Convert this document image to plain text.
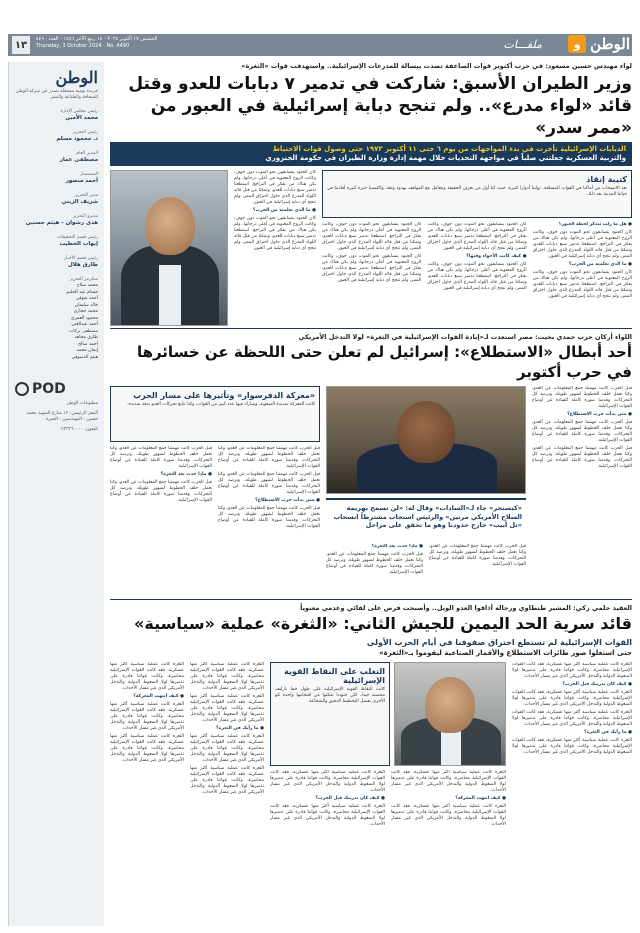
الوطن
و
ملفـــات
١٣
الخميس ١٧ أكتوبر ٢٠٢٤ - ١٤ ربيع الآخر ١٤٤٦ - العدد ٤٤٩٠
Thursday, 3 October 2024 - No. 4490
الوطن
جريدة يومية مستقلة تصدر عن شركة الوطن للصحافة والطباعة والنشر
رئيس مجلس الإدارة
محمد الأمين
رئيس التحرير
د. محمود مسلم
المدير العام
مصطفى عمار
المستشار
أحمد منصور
مدير التحرير
شريف الزيني
مديرو التحرير
هدى رشوان - هيثم حسنين
رئيس قسم التحقيقات
إيهاب الخطيب
رئيس قسم الأخبار
طارق هلال
سكرتير التحرير
محمد صلاح
حسام عبد الحليم
أحمد شوقي
خالد سليمان
محمد حجازي
محمود العمري
أحمد عبدالغني
مصطفى بركات
طارق مجاهد
أحمد صالح
إيمان محمد
هيثم الدسوقي
POD
مطبوعات الوطن
المقر الرئيسي: ١٢ شارع الشهيد محمد حسين - المهندسين - الجيزة
تليفون: ٠٢٣٣٣٦٠٠٠٠
لواء مهندس حسين مسعود: في حرب أكتوبر قوات الصاعقة تصدت ببسالة للمدرعات الإسرائيلية.. واستهدفت قوات «الثغرة»
وزير الطيران الأسبق: شاركت في تدمير ٧ دبابات للعدو وقتل قائد «لواء مدرع».. ولم تنجح دبابة إسرائيلية في العبور من «ممر سدر»
الدبابات الإسرائيلية تأخرت في بدء المواجهات من يوم ٦ حتى ١١ أكتوبر ١٩٧٣ حتى وصول قوات الاحتياط
والتربية العسكرية جعلتني صلباً في مواجهة التحديات خلال مهمة إدارة وزارة الطيران في حكومة الجنزوري
كتيبة إنقاذ
بعد الانسحاب من أماكنا في القوات المسلحة، تولينا أدوارا كثيرة، حيث كنا أول من يعرف الحقيقة ونتعامل مع المواقف بهدوء وثقة، واكتسبنا خبرة كبيرة أفادتنا في حياتنا المدنية بعد ذلك.

● هل ما زلت تتذكر لحظة العبور؟

كان الجنود يتسابقون نحو الموت دون خوف، وكانت الروح المعنوية في أعلى درجاتها، ولم يكن هناك من يفكر في التراجع. استطعنا تدمير سبع دبابات للعدو، وتمكنا من قتل قائد اللواء المدرع الذي حاول اختراق الممر، ولم تنجح أي دبابة إسرائيلية في العبور.

● ما الذي تعلمته من الحرب؟

كان الجنود يتسابقون نحو الموت دون خوف، وكانت الروح المعنوية في أعلى درجاتها، ولم يكن هناك من يفكر في التراجع. استطعنا تدمير سبع دبابات للعدو، وتمكنا من قتل قائد اللواء المدرع الذي حاول اختراق الممر، ولم تنجح أي دبابة إسرائيلية في العبور.

كان الجنود يتسابقون نحو الموت دون خوف، وكانت الروح المعنوية في أعلى درجاتها، ولم يكن هناك من يفكر في التراجع. استطعنا تدمير سبع دبابات للعدو، وتمكنا من قتل قائد اللواء المدرع الذي حاول اختراق الممر، ولم تنجح أي دبابة إسرائيلية في العبور.

● كيف كانت الأجواء وقتها؟

كان الجنود يتسابقون نحو الموت دون خوف، وكانت الروح المعنوية في أعلى درجاتها، ولم يكن هناك من يفكر في التراجع. استطعنا تدمير سبع دبابات للعدو، وتمكنا من قتل قائد اللواء المدرع الذي حاول اختراق الممر، ولم تنجح أي دبابة إسرائيلية في العبور.

كان الجنود يتسابقون نحو الموت دون خوف، وكانت الروح المعنوية في أعلى درجاتها، ولم يكن هناك من يفكر في التراجع. استطعنا تدمير سبع دبابات للعدو، وتمكنا من قتل قائد اللواء المدرع الذي حاول اختراق الممر، ولم تنجح أي دبابة إسرائيلية في العبور.

كان الجنود يتسابقون نحو الموت دون خوف، وكانت الروح المعنوية في أعلى درجاتها، ولم يكن هناك من يفكر في التراجع. استطعنا تدمير سبع دبابات للعدو، وتمكنا من قتل قائد اللواء المدرع الذي حاول اختراق الممر، ولم تنجح أي دبابة إسرائيلية في العبور.

كان الجنود يتسابقون نحو الموت دون خوف، وكانت الروح المعنوية في أعلى درجاتها، ولم يكن هناك من يفكر في التراجع. استطعنا تدمير سبع دبابات للعدو، وتمكنا من قتل قائد اللواء المدرع الذي حاول اختراق الممر، ولم تنجح أي دبابة إسرائيلية في العبور.

● ما الذي تعلمته من الحرب؟

كان الجنود يتسابقون نحو الموت دون خوف، وكانت الروح المعنوية في أعلى درجاتها، ولم يكن هناك من يفكر في التراجع. استطعنا تدمير سبع دبابات للعدو، وتمكنا من قتل قائد اللواء المدرع الذي حاول اختراق الممر، ولم تنجح أي دبابة إسرائيلية في العبور.

اللواء أركان حرب حمدي بخيت: مصر استعدت لـ«إبادة القوات الإسرائيلية في الثغرة» لولا التدخل الأمريكي
أحد أبطال «الاستطلاع»: إسرائيل لم تعلن حتى اللحظة عن خسائرها في حرب أكتوبر

قبل الحرب كانت مهمتنا جمع المعلومات عن العدو، وكنا نعمل خلف الخطوط لشهور طويلة، ونرصد كل التحركات، وقدمنا صورة كاملة للقيادة عن أوضاع القوات الإسرائيلية.

● متى بدأت حرب الاستطلاع؟

قبل الحرب كانت مهمتنا جمع المعلومات عن العدو، وكنا نعمل خلف الخطوط لشهور طويلة، ونرصد كل التحركات، وقدمنا صورة كاملة للقيادة عن أوضاع القوات الإسرائيلية.

قبل الحرب كانت مهمتنا جمع المعلومات عن العدو، وكنا نعمل خلف الخطوط لشهور طويلة، ونرصد كل التحركات، وقدمنا صورة كاملة للقيادة عن أوضاع القوات الإسرائيلية.

«كيسنجر» جاء لـ«السادات» وقال له: «لن نسمح بهزيمة السلاح الأمريكي مرتين» والرئيس استجاب مشترطاً انسحاب «تل أبيب» خارج حدودنا وهو ما تحقق على مراحل

قبل الحرب كانت مهمتنا جمع المعلومات عن العدو، وكنا نعمل خلف الخطوط لشهور طويلة، ونرصد كل التحركات، وقدمنا صورة كاملة للقيادة عن أوضاع القوات الإسرائيلية.

● ماذا حدث بعد الثغرة؟

قبل الحرب كانت مهمتنا جمع المعلومات عن العدو، وكنا نعمل خلف الخطوط لشهور طويلة، ونرصد كل التحركات، وقدمنا صورة كاملة للقيادة عن أوضاع القوات الإسرائيلية.

«معركة الدفرسوار» وتأثيرها على مسار الحرب
كانت المعركة شديدة الصعوبة، وشارك فيها عدد كبير من القوات، وكنا نتابع تحركات العدو بدقة شديدة.

قبل الحرب كانت مهمتنا جمع المعلومات عن العدو، وكنا نعمل خلف الخطوط لشهور طويلة، ونرصد كل التحركات، وقدمنا صورة كاملة للقيادة عن أوضاع القوات الإسرائيلية.

قبل الحرب كانت مهمتنا جمع المعلومات عن العدو، وكنا نعمل خلف الخطوط لشهور طويلة، ونرصد كل التحركات، وقدمنا صورة كاملة للقيادة عن أوضاع القوات الإسرائيلية.

● متى بدأت حرب الاستطلاع؟

قبل الحرب كانت مهمتنا جمع المعلومات عن العدو، وكنا نعمل خلف الخطوط لشهور طويلة، ونرصد كل التحركات، وقدمنا صورة كاملة للقيادة عن أوضاع القوات الإسرائيلية.

قبل الحرب كانت مهمتنا جمع المعلومات عن العدو، وكنا نعمل خلف الخطوط لشهور طويلة، ونرصد كل التحركات، وقدمنا صورة كاملة للقيادة عن أوضاع القوات الإسرائيلية.

● ماذا حدث بعد الثغرة؟

قبل الحرب كانت مهمتنا جمع المعلومات عن العدو، وكنا نعمل خلف الخطوط لشهور طويلة، ونرصد كل التحركات، وقدمنا صورة كاملة للقيادة عن أوضاع القوات الإسرائيلية.

العقيد حلمي زكي: المشير طنطاوي ورجاله أذاقوا العدو الويل.. وأصبحت فرص على لقائي وعدمي معنوياً
قائد سرية الحد اليمين للجيش الثاني: «الثغرة» عملية «سياسية»
القوات الإسرائيلية لم تستطع اختراق صفوفنا في أيام الحرب الأولى
حتى استغلوا صور طائرات الاستطلاع والأقمار الصناعية ليقوموا بـ«الثغرة»

الثغرة كانت عملية سياسية أكثر منها عسكرية، فقد كانت القوات الإسرائيلية محاصرة، وكانت قواتنا قادرة على تدميرها لولا الضغوط الدولية والتدخل الأمريكي الذي غير مسار الأحداث.

● كيف كان تدريبك قبل الحرب؟

الثغرة كانت عملية سياسية أكثر منها عسكرية، فقد كانت القوات الإسرائيلية محاصرة، وكانت قواتنا قادرة على تدميرها لولا الضغوط الدولية والتدخل الأمريكي الذي غير مسار الأحداث.

الثغرة كانت عملية سياسية أكثر منها عسكرية، فقد كانت القوات الإسرائيلية محاصرة، وكانت قواتنا قادرة على تدميرها لولا الضغوط الدولية والتدخل الأمريكي الذي غير مسار الأحداث.

● ما رأيك في الثغرة؟

الثغرة كانت عملية سياسية أكثر منها عسكرية، فقد كانت القوات الإسرائيلية محاصرة، وكانت قواتنا قادرة على تدميرها لولا الضغوط الدولية والتدخل الأمريكي الذي غير مسار الأحداث.

التغلب على النقاط القوية الإسرائيلية
كانت النقاط القوية الإسرائيلية على طول خط بارليف محصنة جيدا، لكن جنودنا تمكنوا من اقتحامها واحدة تلو الأخرى بفضل التخطيط الدقيق والشجاعة.

الثغرة كانت عملية سياسية أكثر منها عسكرية، فقد كانت القوات الإسرائيلية محاصرة، وكانت قواتنا قادرة على تدميرها لولا الضغوط الدولية والتدخل الأمريكي الذي غير مسار الأحداث.

● كيف انتهت المعركة؟

الثغرة كانت عملية سياسية أكثر منها عسكرية، فقد كانت القوات الإسرائيلية محاصرة، وكانت قواتنا قادرة على تدميرها لولا الضغوط الدولية والتدخل الأمريكي الذي غير مسار الأحداث.

الثغرة كانت عملية سياسية أكثر منها عسكرية، فقد كانت القوات الإسرائيلية محاصرة، وكانت قواتنا قادرة على تدميرها لولا الضغوط الدولية والتدخل الأمريكي الذي غير مسار الأحداث.

● كيف كان تدريبك قبل الحرب؟

الثغرة كانت عملية سياسية أكثر منها عسكرية، فقد كانت القوات الإسرائيلية محاصرة، وكانت قواتنا قادرة على تدميرها لولا الضغوط الدولية والتدخل الأمريكي الذي غير مسار الأحداث.

الثغرة كانت عملية سياسية أكثر منها عسكرية، فقد كانت القوات الإسرائيلية محاصرة، وكانت قواتنا قادرة على تدميرها لولا الضغوط الدولية والتدخل الأمريكي الذي غير مسار الأحداث.

الثغرة كانت عملية سياسية أكثر منها عسكرية، فقد كانت القوات الإسرائيلية محاصرة، وكانت قواتنا قادرة على تدميرها لولا الضغوط الدولية والتدخل الأمريكي الذي غير مسار الأحداث.

● ما رأيك في الثغرة؟

الثغرة كانت عملية سياسية أكثر منها عسكرية، فقد كانت القوات الإسرائيلية محاصرة، وكانت قواتنا قادرة على تدميرها لولا الضغوط الدولية والتدخل الأمريكي الذي غير مسار الأحداث.

الثغرة كانت عملية سياسية أكثر منها عسكرية، فقد كانت القوات الإسرائيلية محاصرة، وكانت قواتنا قادرة على تدميرها لولا الضغوط الدولية والتدخل الأمريكي الذي غير مسار الأحداث.

الثغرة كانت عملية سياسية أكثر منها عسكرية، فقد كانت القوات الإسرائيلية محاصرة، وكانت قواتنا قادرة على تدميرها لولا الضغوط الدولية والتدخل الأمريكي الذي غير مسار الأحداث.

● كيف انتهت المعركة؟

الثغرة كانت عملية سياسية أكثر منها عسكرية، فقد كانت القوات الإسرائيلية محاصرة، وكانت قواتنا قادرة على تدميرها لولا الضغوط الدولية والتدخل الأمريكي الذي غير مسار الأحداث.

الثغرة كانت عملية سياسية أكثر منها عسكرية، فقد كانت القوات الإسرائيلية محاصرة، وكانت قواتنا قادرة على تدميرها لولا الضغوط الدولية والتدخل الأمريكي الذي غير مسار الأحداث.
